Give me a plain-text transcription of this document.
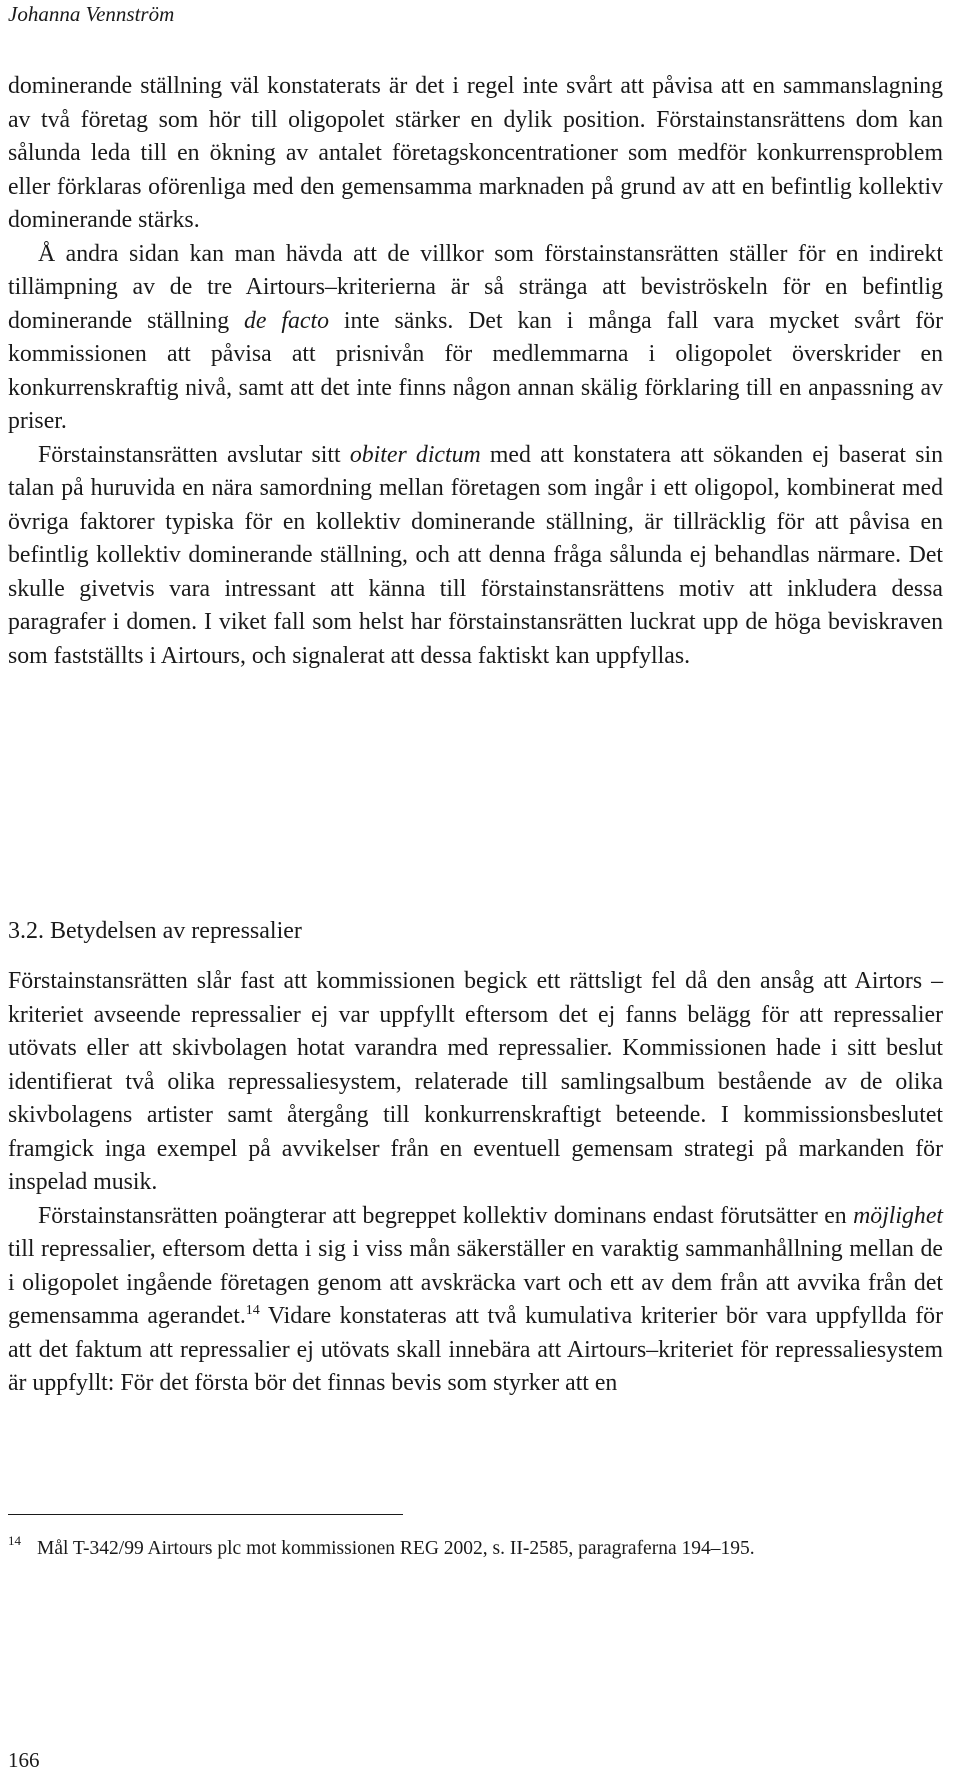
Johanna Vennström

dominerande ställning väl konstaterats är det i regel inte svårt att påvisa att en sammanslagning av två företag som hör till oligopolet stärker en dylik position. Förstainstansrättens dom kan sålunda leda till en ökning av antalet företagskoncentrationer som medför konkurrensproblem eller förklaras oförenliga med den gemensamma marknaden på grund av att en befintlig kollektiv dominerande stärks.

Å andra sidan kan man hävda att de villkor som förstainstansrätten ställer för en indirekt tillämpning av de tre Airtours–kriterierna är så stränga att beviströskeln för en befintlig dominerande ställning de facto inte sänks. Det kan i många fall vara mycket svårt för kommissionen att påvisa att prisnivån för medlemmarna i oligopolet överskrider en konkurrenskraftig nivå, samt att det inte finns någon annan skälig förklaring till en anpassning av priser.

Förstainstansrätten avslutar sitt obiter dictum med att konstatera att sökanden ej baserat sin talan på huruvida en nära samordning mellan företagen som ingår i ett oligopol, kombinerat med övriga faktorer typiska för en kollektiv dominerande ställning, är tillräcklig för att påvisa en befintlig kollektiv dominerande ställning, och att denna fråga sålunda ej behandlas närmare. Det skulle givetvis vara intressant att känna till förstainstansrättens motiv att inkludera dessa paragrafer i domen. I viket fall som helst har förstainstansrätten luckrat upp de höga beviskraven som fastställts i Airtours, och signalerat att dessa faktiskt kan uppfyllas.

3.2. Betydelsen av repressalier

Förstainstansrätten slår fast att kommissionen begick ett rättsligt fel då den ansåg att Airtors –kriteriet avseende repressalier ej var uppfyllt eftersom det ej fanns belägg för att repressalier utövats eller att skivbolagen hotat varandra med repressalier. Kommissionen hade i sitt beslut identifierat två olika repressaliesystem, relaterade till samlingsalbum bestående av de olika skivbolagens artister samt återgång till konkurrenskraftigt beteende. I kommissionsbeslutet framgick inga exempel på avvikelser från en eventuell gemensam strategi på markanden för inspelad musik.

Förstainstansrätten poängterar att begreppet kollektiv dominans endast förutsätter en möjlighet till repressalier, eftersom detta i sig i viss mån säkerställer en varaktig sammanhållning mellan de i oligopolet ingående företagen genom att avskräcka vart och ett av dem från att avvika från det gemensamma agerandet.$^{14}$ Vidare konstateras att två kumulativa kriterier bör vara uppfyllda för att det faktum att repressalier ej utövats skall innebära att Airtours–kriteriet för repressaliesystem är uppfyllt: För det första bör det finnas bevis som styrker att en

$^{14}$ Mål T-342/99 Airtours plc mot kommissionen REG 2002, s. II-2585, paragraferna 194–195.
166
